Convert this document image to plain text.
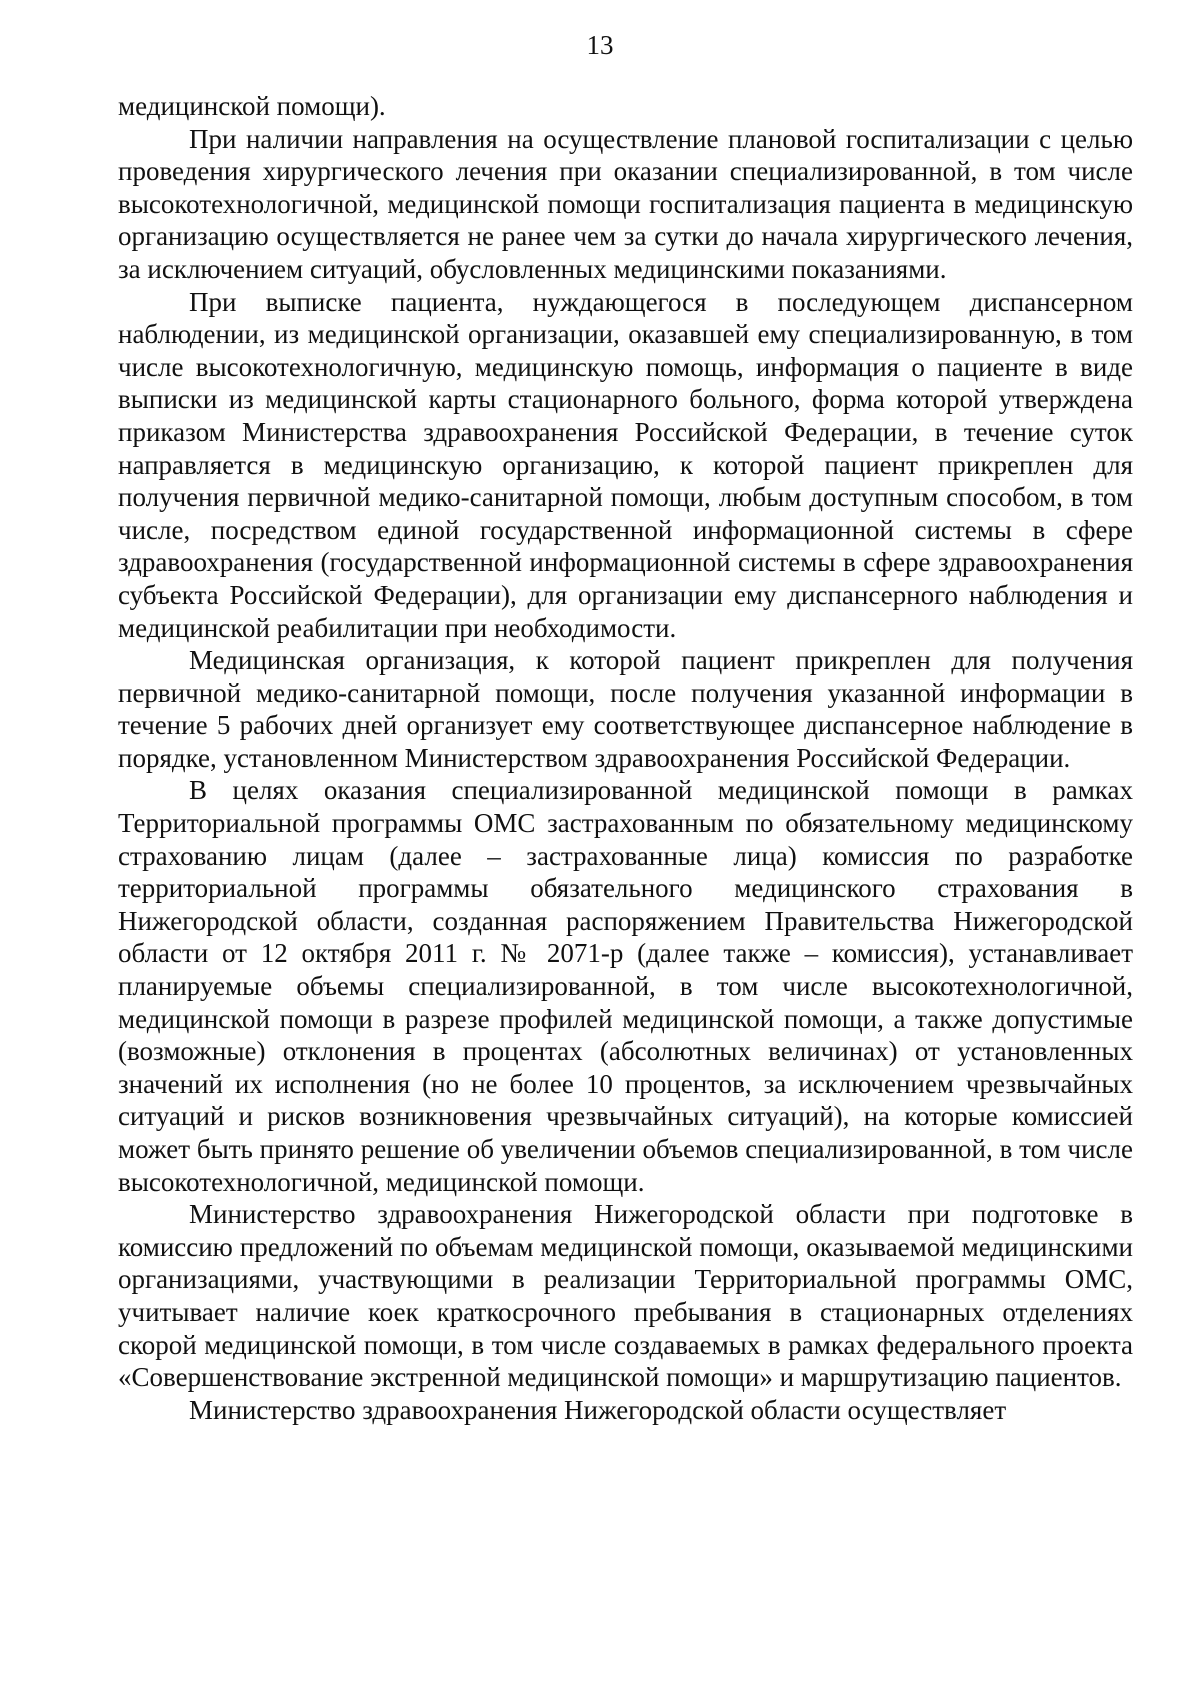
13

медицинской помощи).

При наличии направления на осуществление плановой госпитализации с целью проведения хирургического лечения при оказании специализированной, в том числе высокотехнологичной, медицинской помощи госпитализация пациента в медицинскую организацию осуществляется не ранее чем за сутки до начала хирургического лечения, за исключением ситуаций, обусловленных медицинскими показаниями.

При выписке пациента, нуждающегося в последующем диспансерном наблюдении, из медицинской организации, оказавшей ему специализированную, в том числе высокотехнологичную, медицинскую помощь, информация о пациенте в виде выписки из медицинской карты стационарного больного, форма которой утверждена приказом Министерства здравоохранения Российской Федерации, в течение суток направляется в медицинскую организацию, к которой пациент прикреплен для получения первичной медико-санитарной помощи, любым доступным способом, в том числе, посредством единой государственной информационной системы в сфере здравоохранения (государственной информационной системы в сфере здравоохранения субъекта Российской Федерации), для организации ему диспансерного наблюдения и медицинской реабилитации при необходимости.

Медицинская организация, к которой пациент прикреплен для получения первичной медико-санитарной помощи, после получения указанной информации в течение 5 рабочих дней организует ему соответствующее диспансерное наблюдение в порядке, установленном Министерством здравоохранения Российской Федерации.

В целях оказания специализированной медицинской помощи в рамках Территориальной программы ОМС застрахованным по обязательному медицинскому страхованию лицам (далее – застрахованные лица) комиссия по разработке территориальной программы обязательного медицинского страхования в Нижегородской области, созданная распоряжением Правительства Нижегородской области от 12 октября 2011 г. № 2071-р (далее также – комиссия), устанавливает планируемые объемы специализированной, в том числе высокотехнологичной, медицинской помощи в разрезе профилей медицинской помощи, а также допустимые (возможные) отклонения в процентах (абсолютных величинах) от установленных значений их исполнения (но не более 10 процентов, за исключением чрезвычайных ситуаций и рисков возникновения чрезвычайных ситуаций), на которые комиссией может быть принято решение об увеличении объемов специализированной, в том числе высокотехнологичной, медицинской помощи.

Министерство здравоохранения Нижегородской области при подготовке в комиссию предложений по объемам медицинской помощи, оказываемой медицинскими организациями, участвующими в реализации Территориальной программы ОМС, учитывает наличие коек краткосрочного пребывания в стационарных отделениях скорой медицинской помощи, в том числе создаваемых в рамках федерального проекта «Совершенствование экстренной медицинской помощи» и маршрутизацию пациентов.

Министерство здравоохранения Нижегородской области осуществляет
